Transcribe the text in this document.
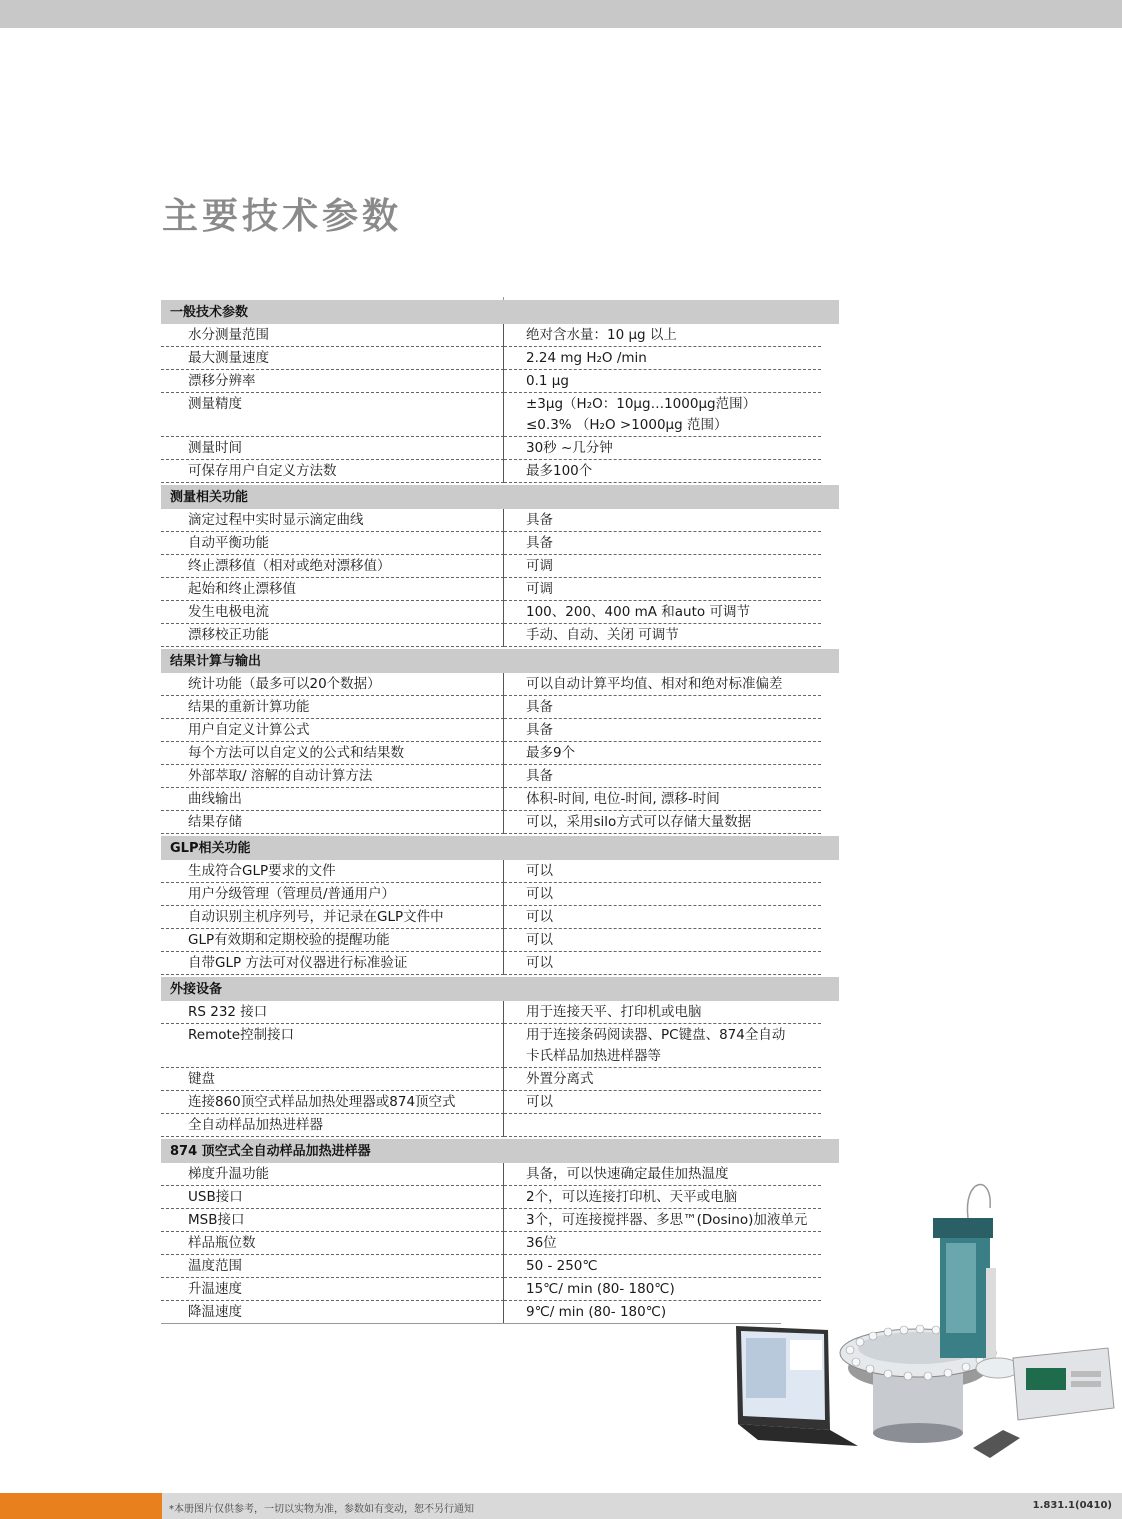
主要技术参数
一般技术参数
水分测量范围	绝对含水量：10 μg 以上
最大测量速度	2.24 mg H₂O /min
漂移分辨率	0.1 μg
测量精度	±3μg（H₂O：10μg…1000μg范围）
≤0.3% （H₂O >1000μg 范围）
测量时间	30秒 ~几分钟
可保存用户自定义方法数	最多100个
测量相关功能
滴定过程中实时显示滴定曲线	具备
自动平衡功能	具备
终止漂移值（相对或绝对漂移值）	可调
起始和终止漂移值	可调
发生电极电流	100、200、400 mA 和auto 可调节
漂移校正功能	手动、自动、关闭 可调节
结果计算与输出
统计功能（最多可以20个数据）	可以自动计算平均值、相对和绝对标准偏差
结果的重新计算功能	具备
用户自定义计算公式	具备
每个方法可以自定义的公式和结果数	最多9个
外部萃取/ 溶解的自动计算方法	具备
曲线输出	体积-时间, 电位-时间, 漂移-时间
结果存储	可以，采用silo方式可以存储大量数据
GLP相关功能
生成符合GLP要求的文件	可以
用户分级管理（管理员/普通用户）	可以
自动识别主机序列号，并记录在GLP文件中	可以
GLP有效期和定期校验的提醒功能	可以
自带GLP 方法可对仪器进行标准验证	可以
外接设备
RS 232 接口	用于连接天平、打印机或电脑
Remote控制接口	用于连接条码阅读器、PC键盘、874全自动
卡氏样品加热进样器等
键盘	外置分离式
连接860顶空式样品加热处理器或874顶空式	可以
全自动样品加热进样器
874 顶空式全自动样品加热进样器
梯度升温功能	具备，可以快速确定最佳加热温度
USB接口	2个，可以连接打印机、天平或电脑
MSB接口	3个，可连接搅拌器、多思™(Dosino)加液单元
样品瓶位数	36位
温度范围	50 - 250℃
升温速度	15℃/ min (80- 180℃)
降温速度	9℃/ min (80- 180℃)
*本册图片仅供参考，一切以实物为准，参数如有变动，恕不另行通知	1.831.1(0410)
